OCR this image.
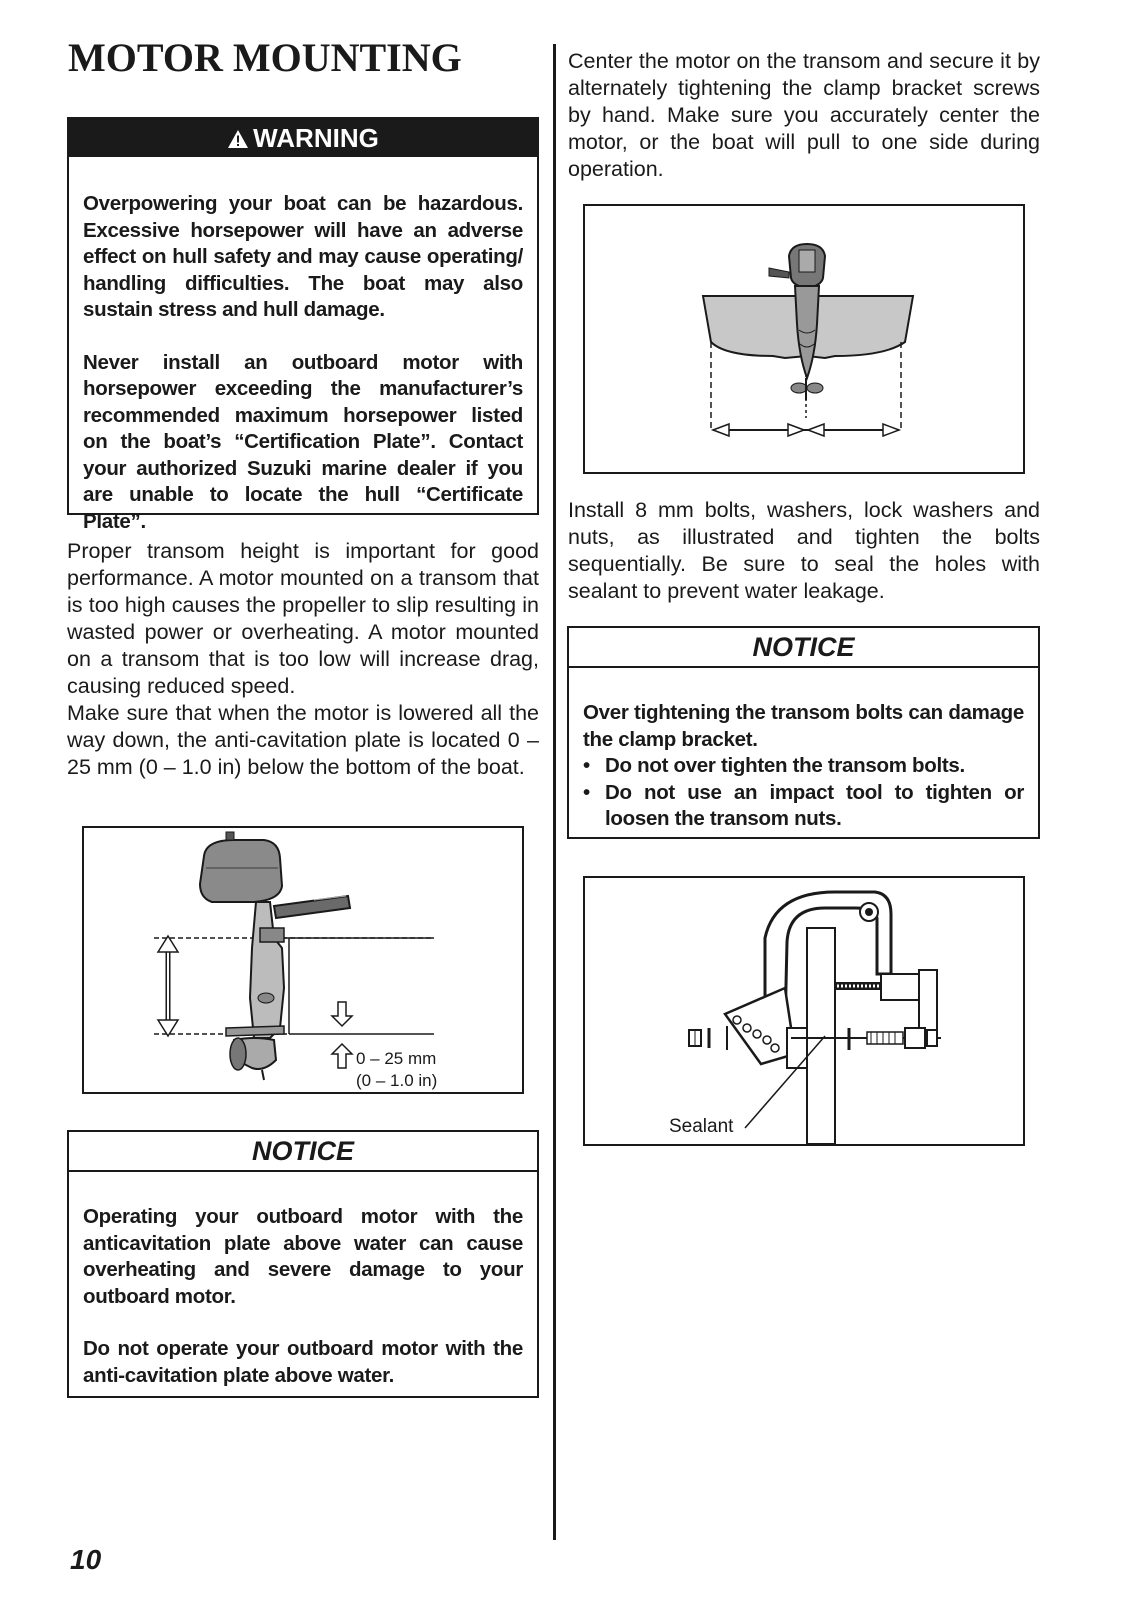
MOTOR MOUNTING
WARNING

Overpowering your boat can be hazardous. Excessive horsepower will have an adverse effect on hull safety and may cause operating/ handling difficulties. The boat may also sustain stress and hull damage.

Never install an outboard motor with horsepower exceeding the manufacturer’s recommended maximum horsepower listed on the boat’s “Certification Plate”. Contact your authorized Suzuki marine dealer if you are unable to locate the hull “Certificate Plate”.

Proper transom height is important for good performance. A motor mounted on a transom that is too high causes the propeller to slip resulting in wasted power or overheating. A motor mounted on a transom that is too low will increase drag, causing reduced speed.
Make sure that when the motor is lowered all the way down, the anti-cavitation plate is located 0 – 25 mm (0 – 1.0 in) below the bottom of the boat.
0 – 25 mm
(0 – 1.0 in)
NOTICE

Operating your outboard motor with the anticavitation plate above water can cause overheating and severe damage to your outboard motor.

Do not operate your outboard motor with the anti-cavitation plate above water.

Center the motor on the transom and secure it by alternately tightening the clamp bracket screws by hand. Make sure you accurately center the motor, or the boat will pull to one side during operation.
Install 8 mm bolts, washers, lock washers and nuts, as illustrated and tighten the bolts sequentially. Be sure to seal the holes with sealant to prevent water leakage.
NOTICE

Over tightening the transom bolts can damage the clamp bracket.

• Do not over tighten the transom bolts.
• Do not use an impact tool to tighten or loosen the transom nuts.
Sealant
10
